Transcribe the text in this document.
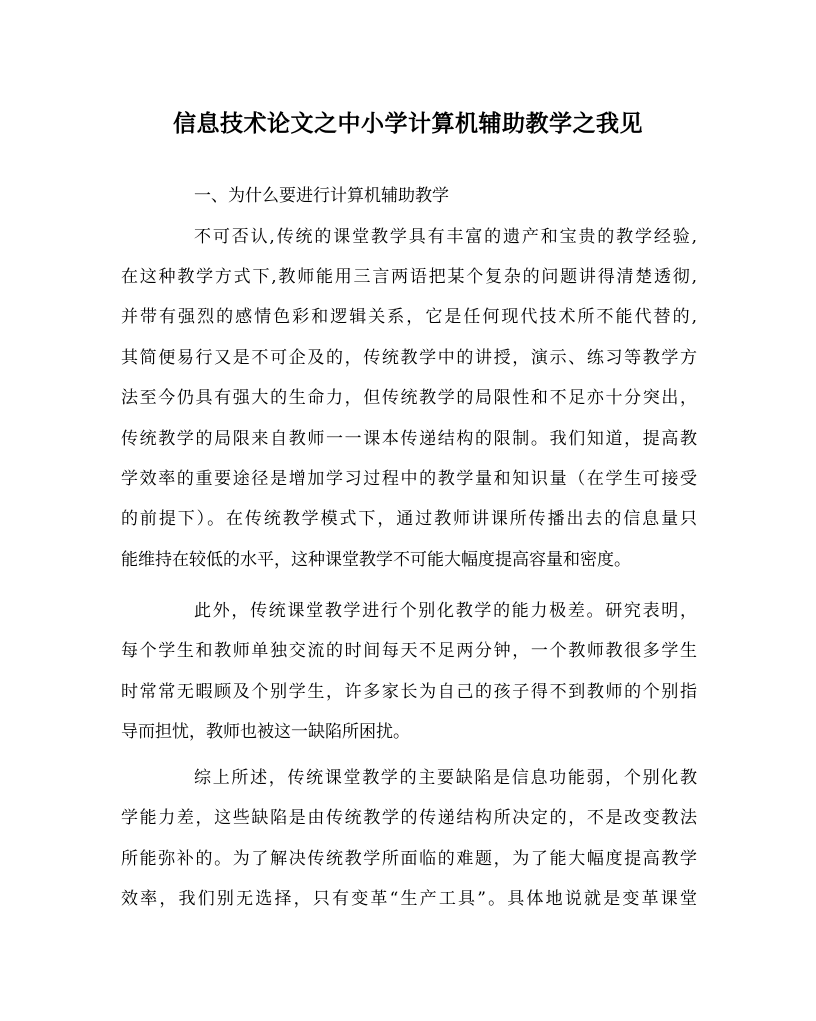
信息技术论文之中小学计算机辅助教学之我见
一、为什么要进行计算机辅助教学
不可否认,传统的课堂教学具有丰富的遗产和宝贵的教学经验,
在这种教学方式下,教师能用三言两语把某个复杂的问题讲得清楚透彻,
并带有强烈的感情色彩和逻辑关系，它是任何现代技术所不能代替的,
其简便易行又是不可企及的，传统教学中的讲授，演示、练习等教学方
法至今仍具有强大的生命力，但传统教学的局限性和不足亦十分突出，
传统教学的局限来自教师一一课本传递结构的限制。我们知道，提高教
学效率的重要途径是增加学习过程中的教学量和知识量（在学生可接受
的前提下）。在传统教学模式下，通过教师讲课所传播出去的信息量只
能维持在较低的水平，这种课堂教学不可能大幅度提高容量和密度。
此外，传统课堂教学进行个别化教学的能力极差。研究表明，
每个学生和教师单独交流的时间每天不足两分钟，一个教师教很多学生
时常常无暇顾及个别学生，许多家长为自己的孩子得不到教师的个别指
导而担忧，教师也被这一缺陷所困扰。
综上所述，传统课堂教学的主要缺陷是信息功能弱，个别化教
学能力差，这些缺陷是由传统教学的传递结构所决定的，不是改变教法
所能弥补的。为了解决传统教学所面临的难题，为了能大幅度提高教学
效率，我们别无选择，只有变革“生产工具”。具体地说就是变革课堂
